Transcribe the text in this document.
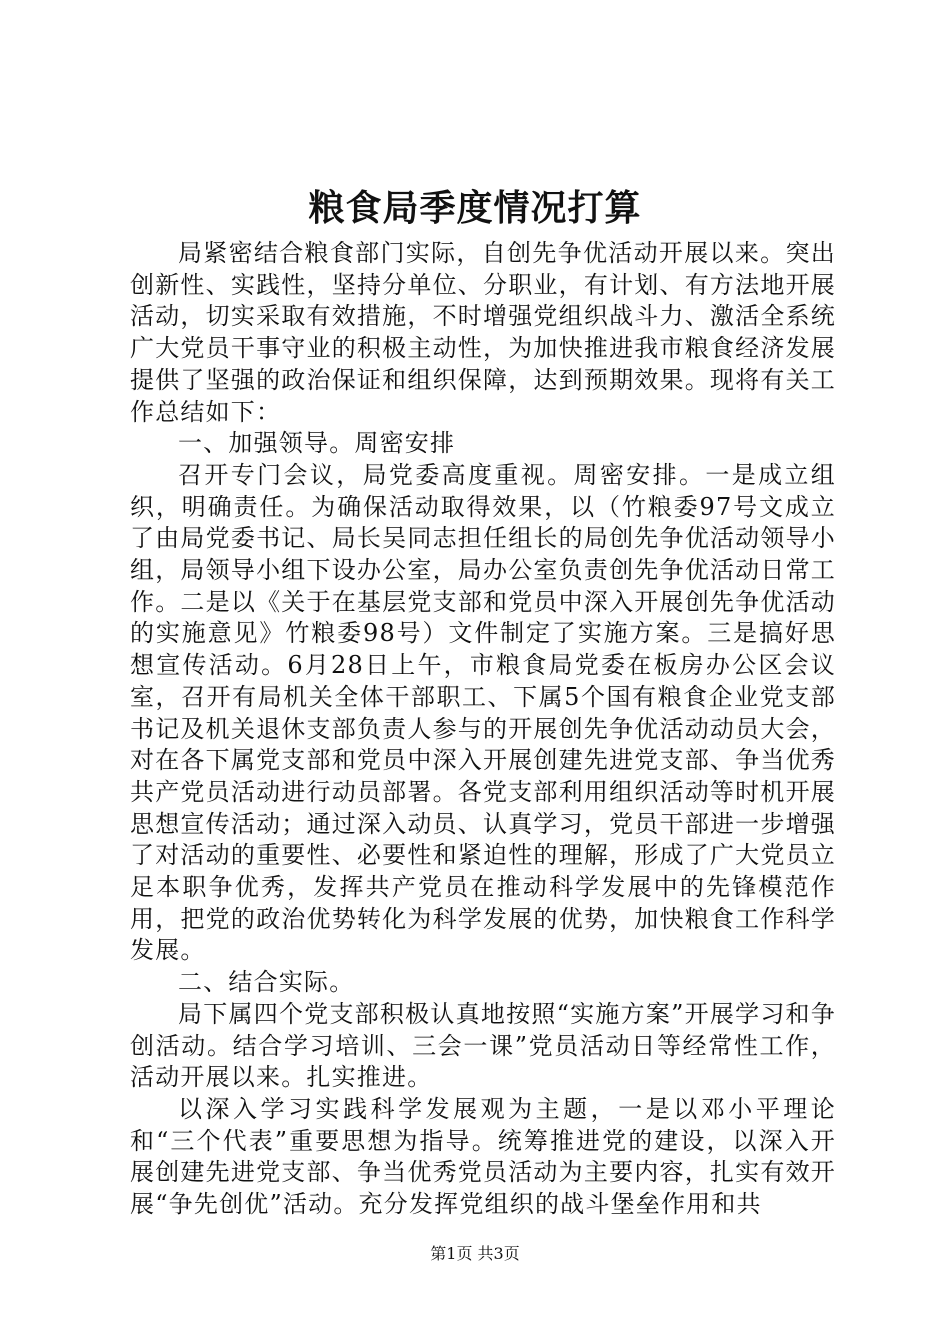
粮食局季度情况打算

局紧密结合粮食部门实际，自创先争优活动开展以来。突出创新性、实践性，坚持分单位、分职业，有计划、有方法地开展活动，切实采取有效措施，不时增强党组织战斗力、激活全系统广大党员干事守业的积极主动性，为加快推进我市粮食经济发展提供了坚强的政治保证和组织保障，达到预期效果。现将有关工作总结如下：

一、加强领导。周密安排

召开专门会议，局党委高度重视。周密安排。一是成立组织，明确责任。为确保活动取得效果，以（竹粮委97号文成立了由局党委书记、局长吴同志担任组长的局创先争优活动领导小组，局领导小组下设办公室，局办公室负责创先争优活动日常工作。二是以《关于在基层党支部和党员中深入开展创先争优活动的实施意见》竹粮委98号）文件制定了实施方案。三是搞好思想宣传活动。6月28日上午，市粮食局党委在板房办公区会议室，召开有局机关全体干部职工、下属5个国有粮食企业党支部书记及机关退休支部负责人参与的开展创先争优活动动员大会，对在各下属党支部和党员中深入开展创建先进党支部、争当优秀共产党员活动进行动员部署。各党支部利用组织活动等时机开展思想宣传活动；通过深入动员、认真学习，党员干部进一步增强了对活动的重要性、必要性和紧迫性的理解，形成了广大党员立足本职争优秀，发挥共产党员在推动科学发展中的先锋模范作用，把党的政治优势转化为科学发展的优势，加快粮食工作科学发展。

二、结合实际。

局下属四个党支部积极认真地按照“实施方案”开展学习和争创活动。结合学习培训、三会一课”党员活动日等经常性工作，活动开展以来。扎实推进。

以深入学习实践科学发展观为主题，一是以邓小平理论和“三个代表”重要思想为指导。统筹推进党的建设，以深入开展创建先进党支部、争当优秀党员活动为主要内容，扎实有效开展“争先创优”活动。充分发挥党组织的战斗堡垒作用和共

第1页 共3页
